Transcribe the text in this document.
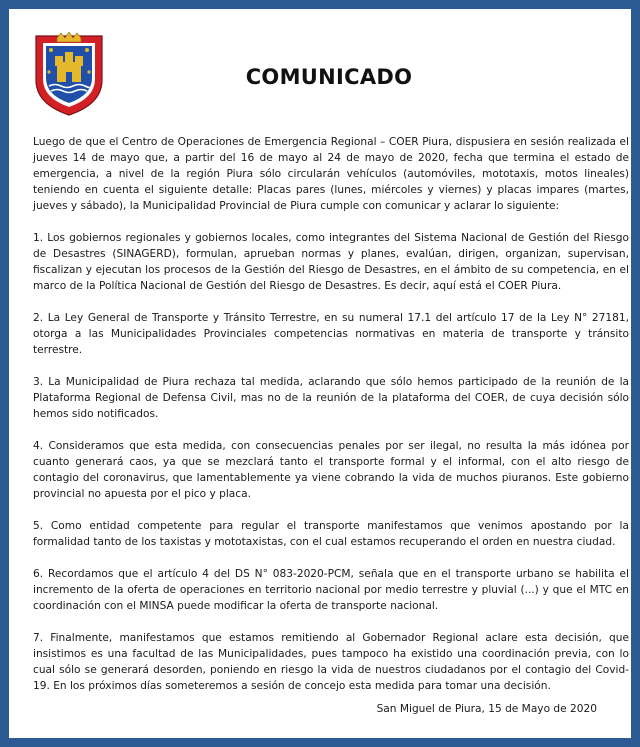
COMUNICADO

Luego de que el Centro de Operaciones de Emergencia Regional – COER Piura, dispusiera en sesión realizada el jueves 14 de mayo que, a partir del 16 de mayo al 24 de mayo de 2020, fecha que termina el estado de emergencia, a nivel de la región Piura sólo circularán vehículos (automóviles, mototaxis, motos lineales) teniendo en cuenta el siguiente detalle: Placas pares (lunes, miércoles y viernes) y placas impares (martes, jueves y sábado), la Municipalidad Provincial de Piura cumple con comunicar y aclarar lo siguiente:

1. Los gobiernos regionales y gobiernos locales, como integrantes del Sistema Nacional de Gestión del Riesgo de Desastres (SINAGERD), formulan, aprueban normas y planes, evalúan, dirigen, organizan, supervisan, fiscalizan y ejecutan los procesos de la Gestión del Riesgo de Desastres, en el ámbito de su competencia, en el marco de la Política Nacional de Gestión del Riesgo de Desastres. Es decir, aquí está el COER Piura.

2. La Ley General de Transporte y Tránsito Terrestre, en su numeral 17.1 del artículo 17 de la Ley N° 27181, otorga a las Municipalidades Provinciales competencias normativas en materia de transporte y tránsito terrestre.

3. La Municipalidad de Piura rechaza tal medida, aclarando que sólo hemos participado de la reunión de la Plataforma Regional de Defensa Civil, mas no de la reunión de la plataforma del COER, de cuya decisión sólo hemos sido notificados.

4. Consideramos que esta medida, con consecuencias penales por ser ilegal, no resulta la más idónea por cuanto generará caos, ya que se mezclará tanto el transporte formal y el informal, con el alto riesgo de contagio del coronavirus, que lamentablemente ya viene cobrando la vida de muchos piuranos. Este gobierno provincial no apuesta por el pico y placa.

5. Como entidad competente para regular el transporte manifestamos que venimos apostando por la formalidad tanto de los taxistas y mototaxistas, con el cual estamos recuperando el orden en nuestra ciudad.

6. Recordamos que el artículo 4 del DS N° 083-2020-PCM, señala que en el transporte urbano se habilita el incremento de la oferta de operaciones en territorio nacional por medio terrestre y pluvial (...) y que el MTC en coordinación con el MINSA puede modificar la oferta de transporte nacional.

7. Finalmente, manifestamos que estamos remitiendo al Gobernador Regional aclare esta decisión, que insistimos es una facultad de las Municipalidades, pues tampoco ha existido una coordinación previa, con lo cual sólo se generará desorden, poniendo en riesgo la vida de nuestros ciudadanos por el contagio del Covid-19. En los próximos días someteremos a sesión de concejo esta medida para tomar una decisión.

San Miguel de Piura, 15 de Mayo de 2020
